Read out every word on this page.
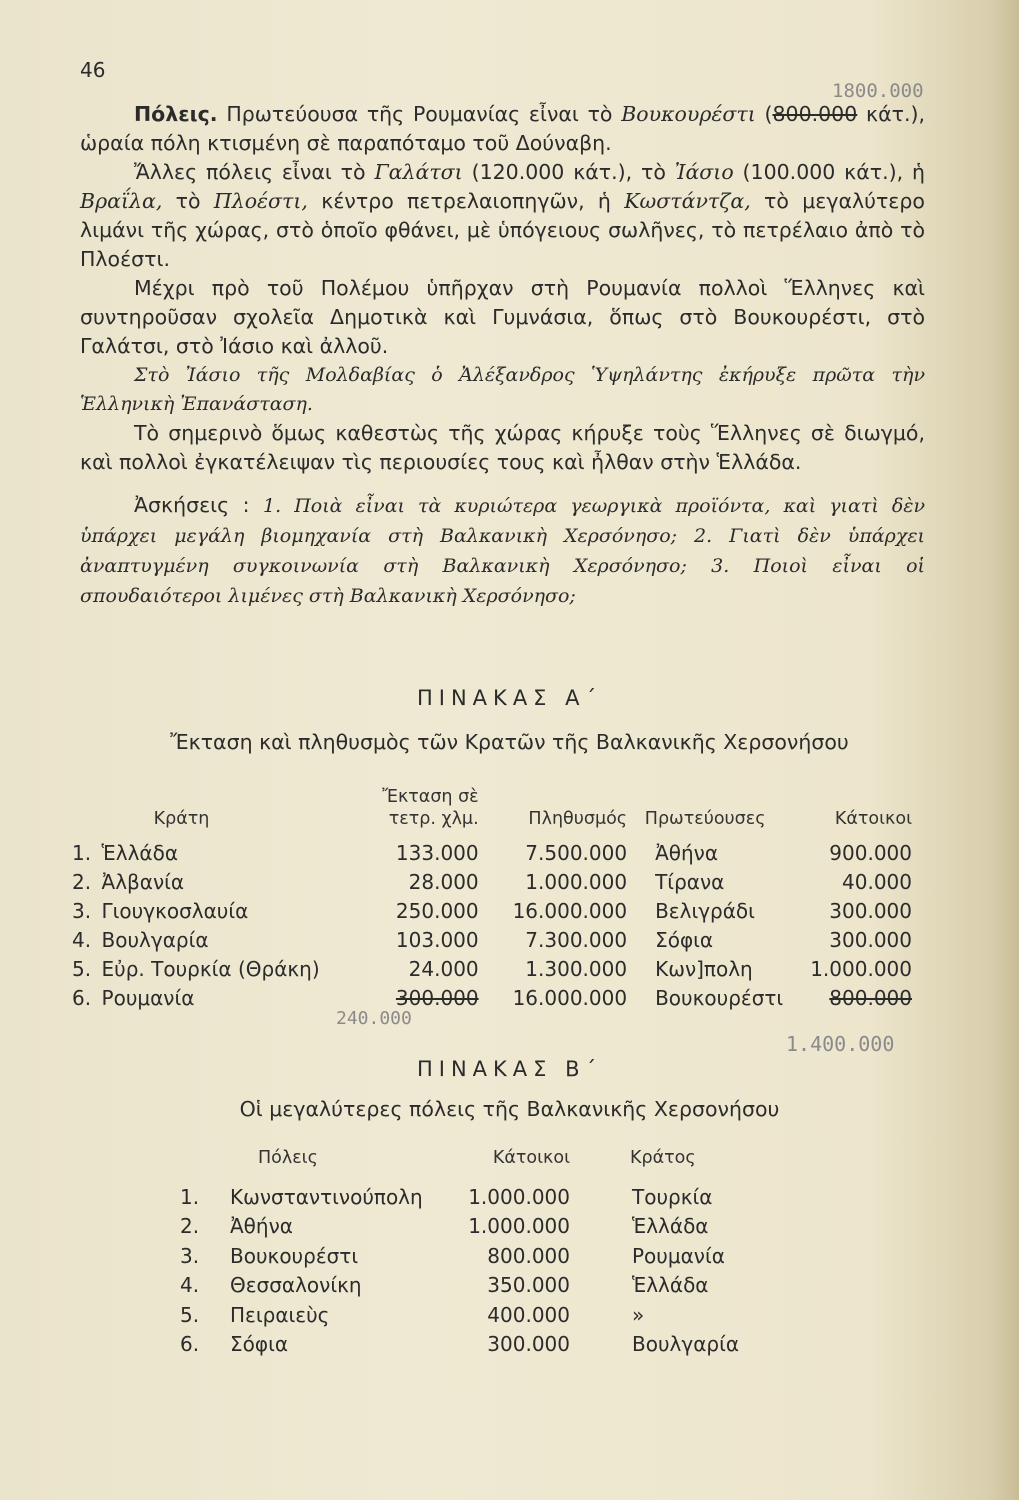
46
1800.000

Πόλεις. Πρωτεύουσα τῆς Ρουμανίας εἶναι τὸ Βουκουρέστι (800.000 κάτ.), ὡραία πόλη κτισμένη σὲ παραπόταμο τοῦ Δούναβη.

Ἄλλες πόλεις εἶναι τὸ Γαλάτσι (120.000 κάτ.), τὸ Ἰάσιο (100.000 κάτ.), ἡ Βραΐλα, τὸ Πλοέστι, κέντρο πετρελαιοπηγῶν, ἡ Κωστάντζα, τὸ μεγαλύτερο λιμάνι τῆς χώρας, στὸ ὁποῖο φθάνει, μὲ ὑπόγειους σωλῆνες, τὸ πετρέλαιο ἀπὸ τὸ Πλοέστι.

Μέχρι πρὸ τοῦ Πολέμου ὑπῆρχαν στὴ Ρουμανία πολλοὶ Ἕλληνες καὶ συντηροῦσαν σχολεῖα Δημοτικὰ καὶ Γυμνάσια, ὅπως στὸ Βουκουρέστι, στὸ Γαλάτσι, στὸ Ἰάσιο καὶ ἀλλοῦ.

Στὸ Ἰάσιο τῆς Μολδαβίας ὁ Ἀλέξανδρος Ὑψηλάντης ἐκήρυξε πρῶτα τὴν Ἑλληνικὴ Ἐπανάσταση.

Τὸ σημερινὸ ὅμως καθεστὼς τῆς χώρας κήρυξε τοὺς Ἕλληνες σὲ διωγμό, καὶ πολλοὶ ἐγκατέλειψαν τὶς περιουσίες τους καὶ ἦλθαν στὴν Ἑλλάδα.

Ἀσκήσεις : 1. Ποιὰ εἶναι τὰ κυριώτερα γεωργικὰ προϊόντα, καὶ γιατὶ δὲν ὑπάρχει μεγάλη βιομηχανία στὴ Βαλκανικὴ Χερσόνησο; 2. Γιατὶ δὲν ὑπάρχει ἀναπτυγμένη συγκοινωνία στὴ Βαλκανικὴ Χερσόνησο; 3. Ποιοὶ εἶναι οἱ σπουδαιότεροι λιμένες στὴ Βαλκανικὴ Χερσόνησο;

ΠΙΝΑΚΑΣ Α΄
Ἔκταση καὶ πληθυσμὸς τῶν Κρατῶν τῆς Βαλκανικῆς Χερσονήσου
Κράτη		Ἔκταση σὲ
τετρ. χλμ.	Πληθυσμός	Πρωτεύουσες	Κάτοικοι
1.	Ἑλλάδα	133.000	7.500.000	Ἀθήνα	900.000
2.	Ἀλβανία	28.000	1.000.000	Τίρανα	40.000
3.	Γιουγκοσλαυία	250.000	16.000.000	Βελιγράδι	300.000
4.	Βουλγαρία	103.000	7.300.000	Σόφια	300.000
5.	Εὐρ. Τουρκία (Θράκη)	24.000	1.300.000	Κων]πολη	1.000.000
6.	Ρουμανία	300.000	16.000.000	Βουκουρέστι	800.000
240.000
1.400.000
ΠΙΝΑΚΑΣ Β΄
Οἱ μεγαλύτερες πόλεις τῆς Βαλκανικῆς Χερσονήσου
Πόλεις		Κάτοικοι	Κράτος
1.	Κωνσταντινούπολη	1.000.000	Τουρκία
2.	Ἀθήνα	1.000.000	Ἑλλάδα
3.	Βουκουρέστι	800.000	Ρουμανία
4.	Θεσσαλονίκη	350.000	Ἑλλάδα
5.	Πειραιεὺς	400.000	»
6.	Σόφια	300.000	Βουλγαρία
